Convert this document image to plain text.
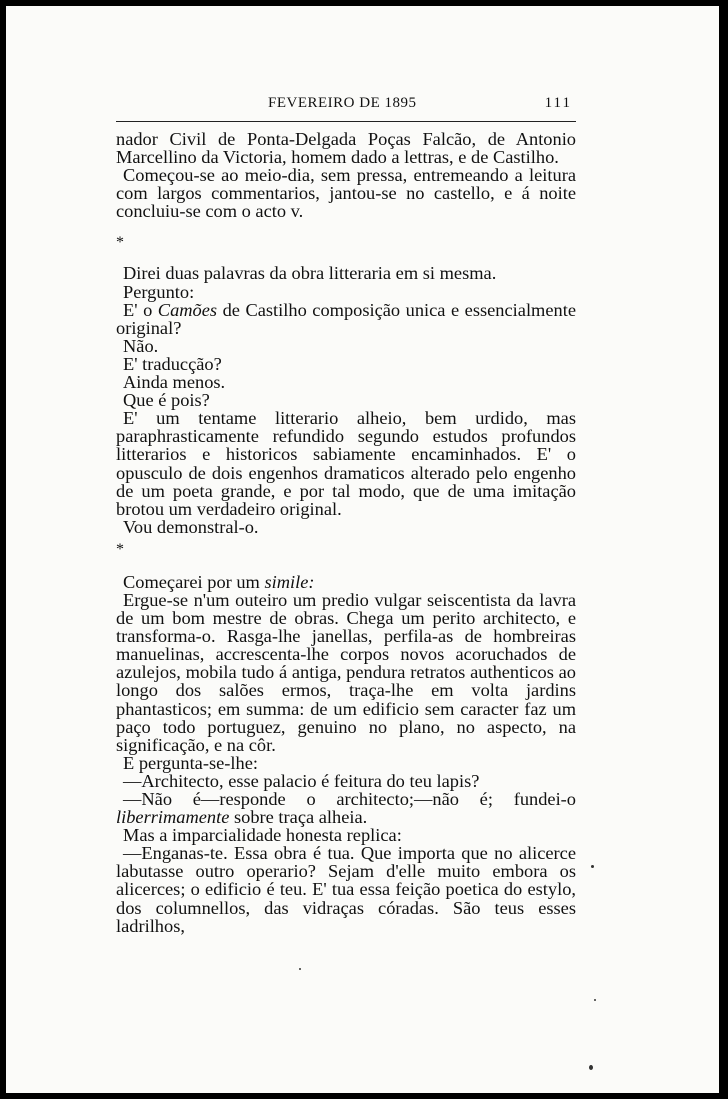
FEVEREIRO DE 1895	111

nador Civil de Ponta-Delgada Poças Falcão, de Antonio Marcellino da Victoria, homem dado a lettras, e de Castilho.

Começou-se ao meio-dia, sem pressa, entremeando a leitura com largos commentarios, jantou-se no castello, e á noite concluiu-se com o acto v.

*

Direi duas palavras da obra litteraria em si mesma.

Pergunto:

E' o Camões de Castilho composição unica e essencialmente original?

Não.

E' traducção?

Ainda menos.

Que é pois?

E' um tentame litterario alheio, bem urdido, mas paraphrasticamente refundido segundo estudos profundos litterarios e historicos sabiamente encaminhados. E' o opusculo de dois engenhos dramaticos alterado pelo engenho de um poeta grande, e por tal modo, que de uma imitação brotou um verdadeiro original.

Vou demonstral-o.

*

Começarei por um simile:

Ergue-se n'um outeiro um predio vulgar seiscentista da lavra de um bom mestre de obras. Chega um perito architecto, e transforma-o. Rasga-lhe janellas, perfila-as de hombreiras manuelinas, accrescenta-lhe corpos novos acoruchados de azulejos, mobila tudo á antiga, pendura retratos authenticos ao longo dos salões ermos, traça-lhe em volta jardins phantasticos; em summa: de um edificio sem caracter faz um paço todo portuguez, genuino no plano, no aspecto, na significação, e na côr.

E pergunta-se-lhe:

—Architecto, esse palacio é feitura do teu lapis?

—Não é—responde o architecto;—não é; fundei-o liberrimamente sobre traça alheia.

Mas a imparcialidade honesta replica:

—Enganas-te. Essa obra é tua. Que importa que no alicerce labutasse outro operario? Sejam d'elle muito embora os alicerces; o edificio é teu. E' tua essa feição poetica do estylo, dos columnellos, das vidraças córadas. São teus esses ladrilhos,
